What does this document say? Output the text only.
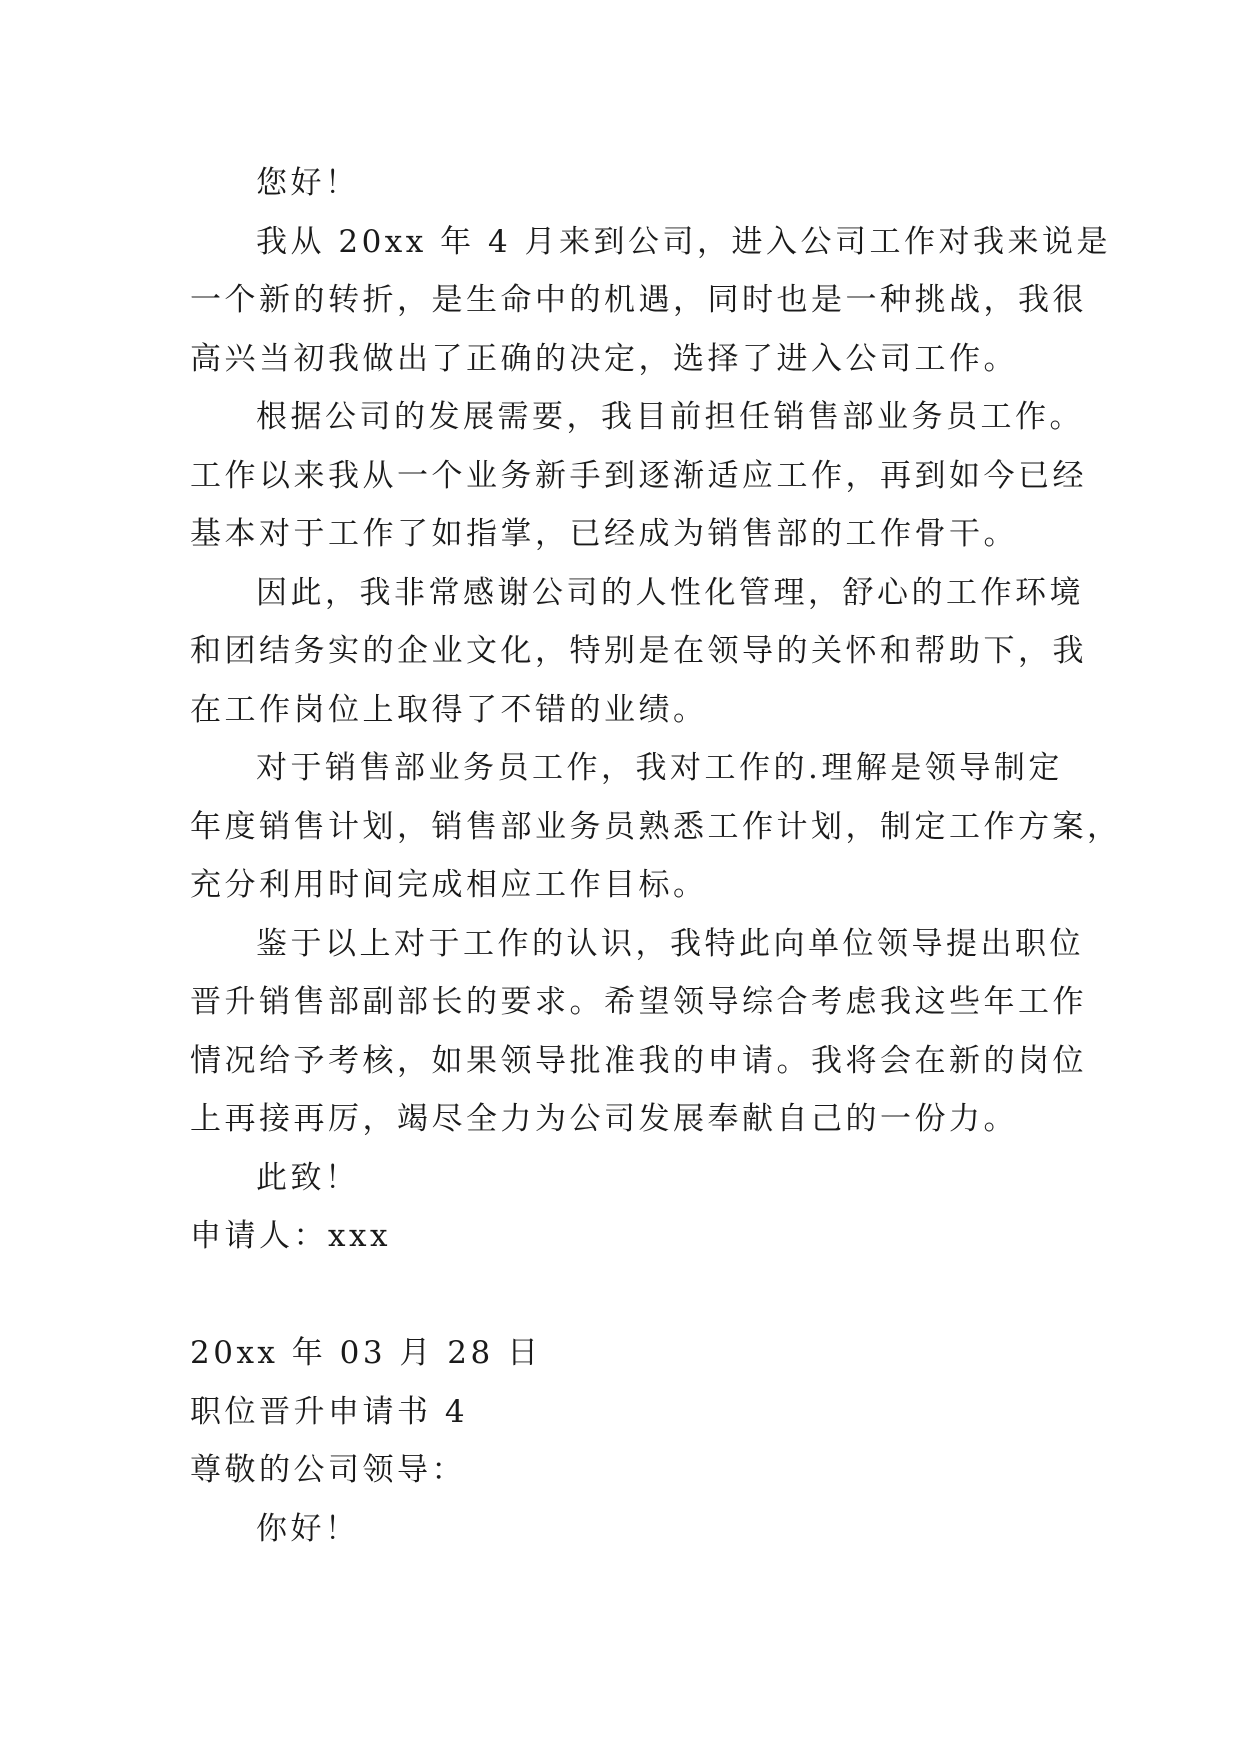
您好！
我从 20xx 年 4 月来到公司，进入公司工作对我来说是
一个新的转折，是生命中的机遇，同时也是一种挑战，我很
高兴当初我做出了正确的决定，选择了进入公司工作。
根据公司的发展需要，我目前担任销售部业务员工作。
工作以来我从一个业务新手到逐渐适应工作，再到如今已经
基本对于工作了如指掌，已经成为销售部的工作骨干。
因此，我非常感谢公司的人性化管理，舒心的工作环境
和团结务实的企业文化，特别是在领导的关怀和帮助下，我
在工作岗位上取得了不错的业绩。
对于销售部业务员工作，我对工作的.理解是领导制定
年度销售计划，销售部业务员熟悉工作计划，制定工作方案，
充分利用时间完成相应工作目标。
鉴于以上对于工作的认识，我特此向单位领导提出职位
晋升销售部副部长的要求。希望领导综合考虑我这些年工作
情况给予考核，如果领导批准我的申请。我将会在新的岗位
上再接再厉，竭尽全力为公司发展奉献自己的一份力。
此致！
申请人：xxx
20xx 年 03 月 28 日
职位晋升申请书 4
尊敬的公司领导：
你好！
